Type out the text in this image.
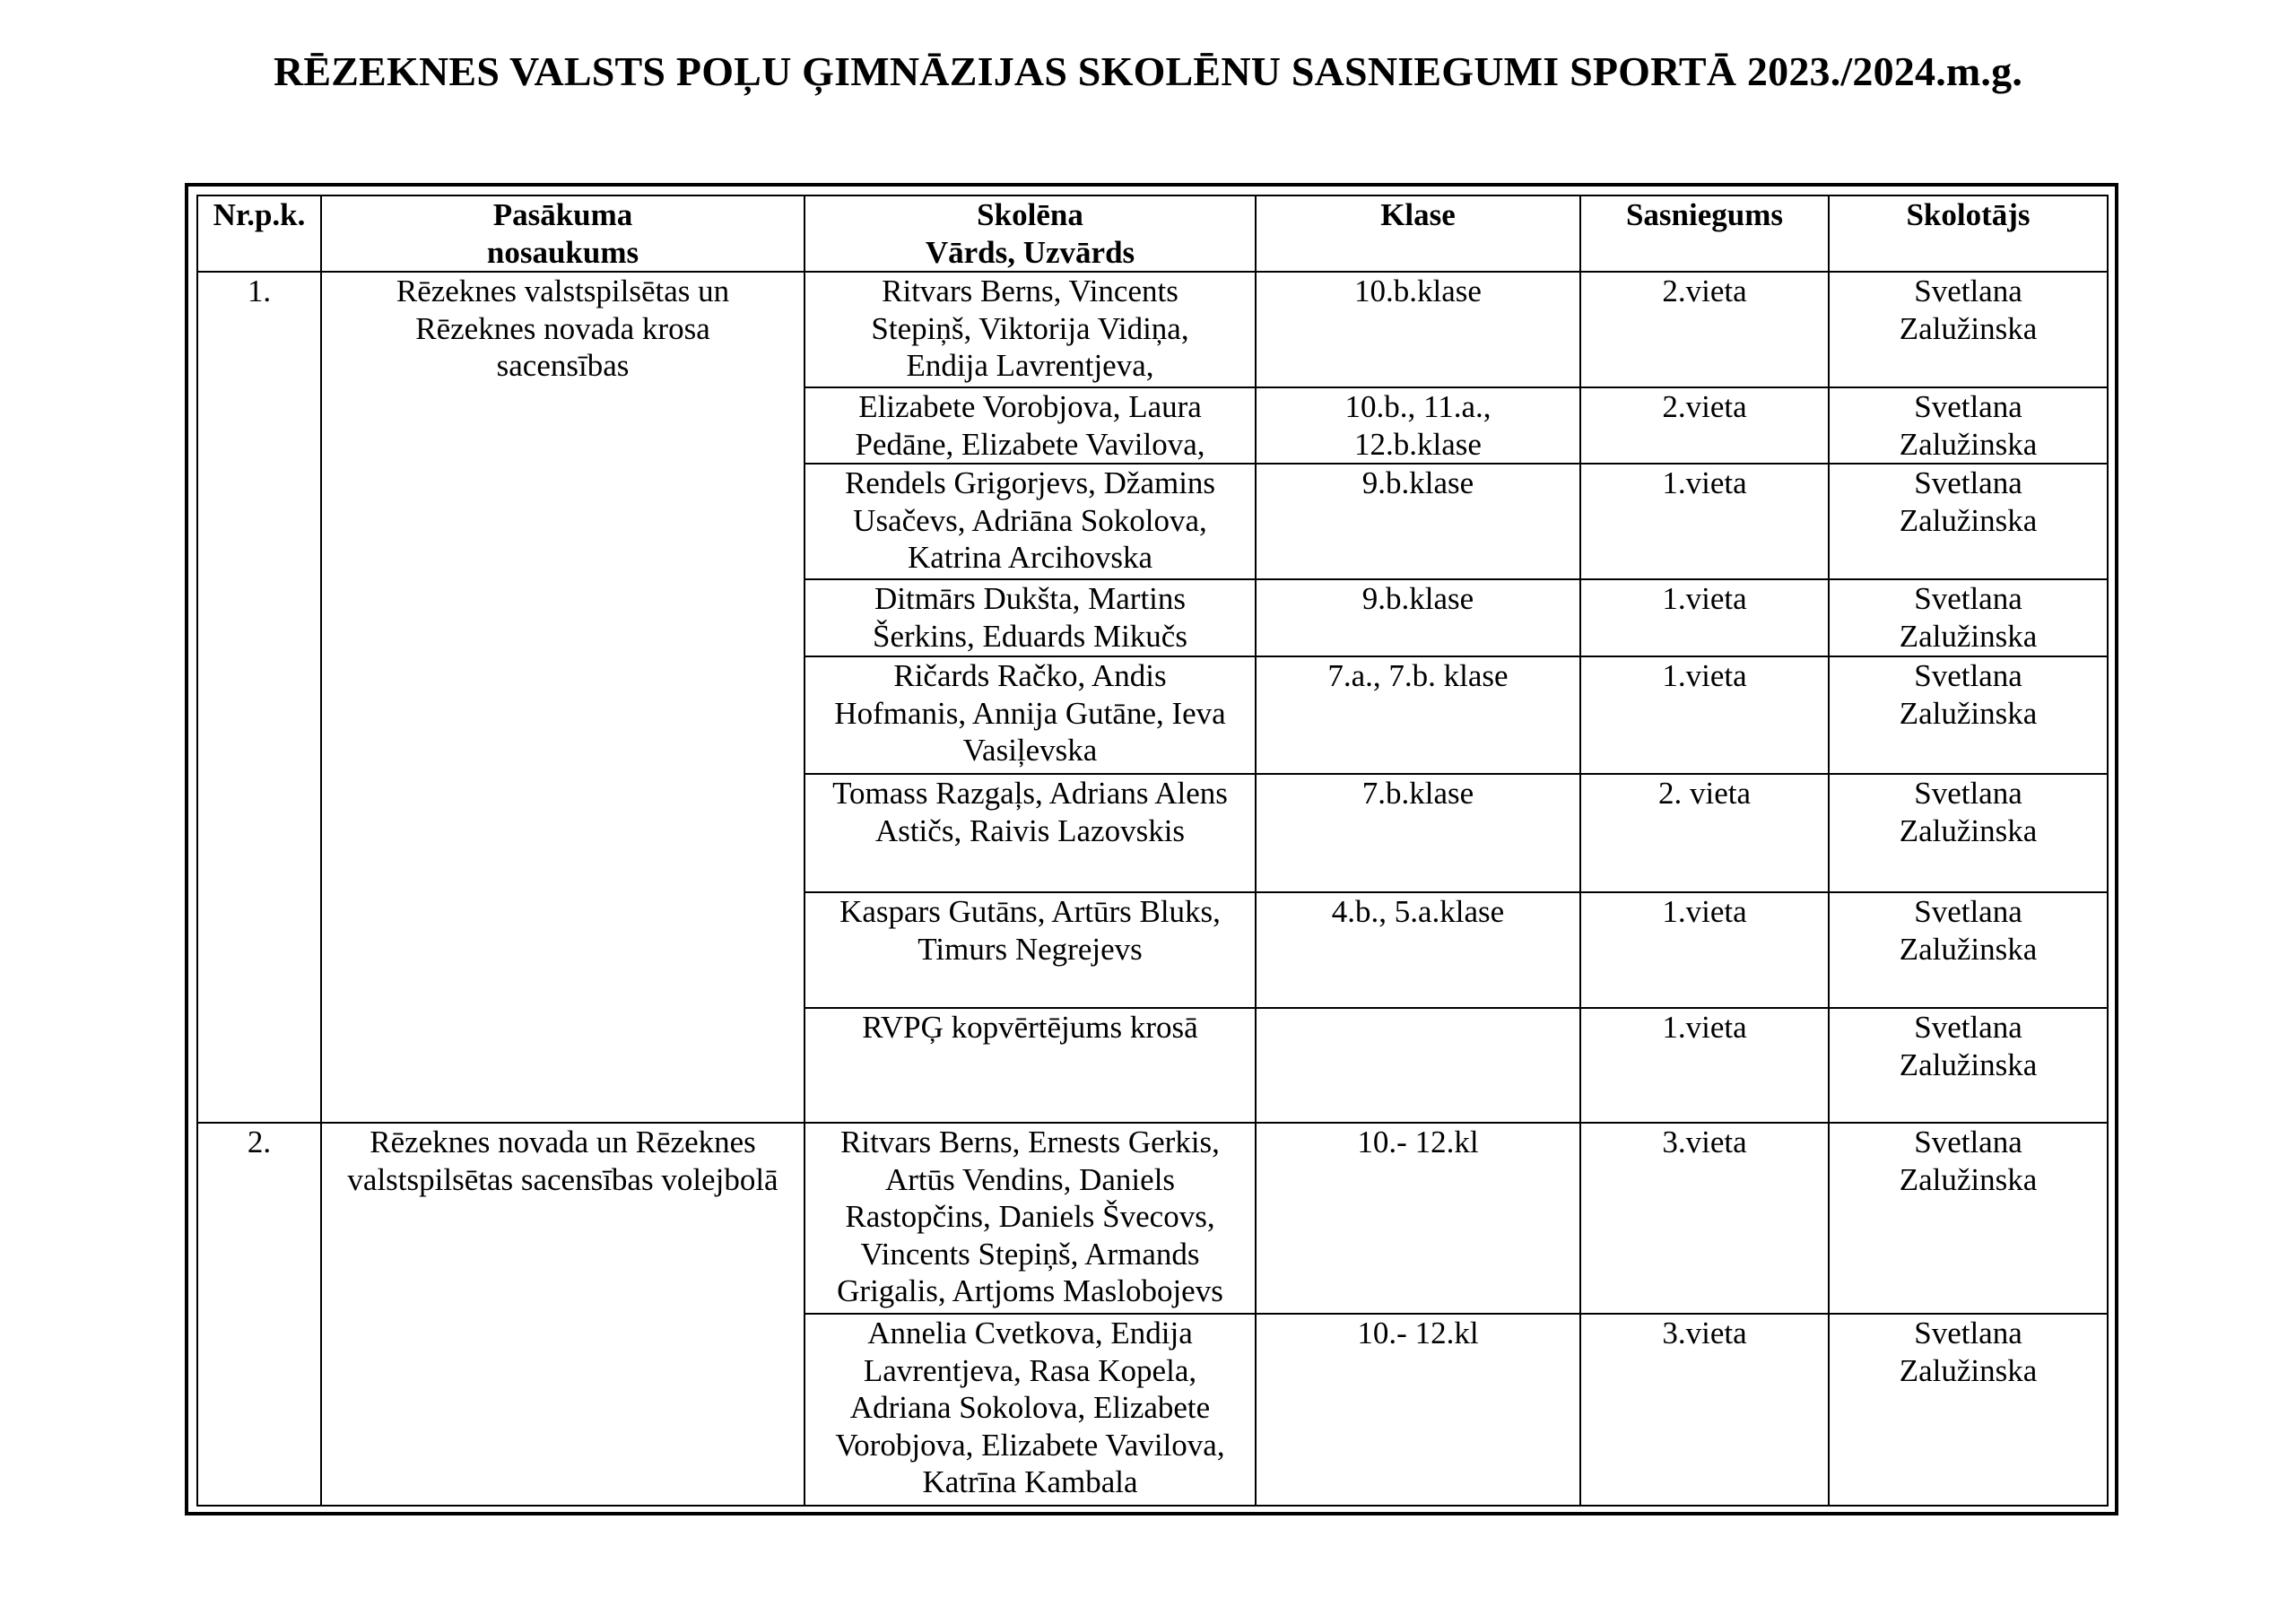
RĒZEKNES VALSTS POĻU ĢIMNĀZIJAS SKOLĒNU SASNIEGUMI SPORTĀ 2023./2024.m.g.
Nr.p.k.	Pasākuma
nosaukums	Skolēna
Vārds, Uzvārds	Klase	Sasniegums	Skolotājs
1.	Rēzeknes valstspilsētas un
Rēzeknes novada krosa
sacensības	Ritvars Berns, Vincents
Stepiņš, Viktorija Vidiņa,
Endija Lavrentjeva,	10.b.klase	2.vieta	Svetlana
Zalužinska
		Elizabete Vorobjova, Laura
Pedāne, Elizabete Vavilova,	10.b., 11.a.,
12.b.klase	2.vieta	Svetlana
Zalužinska
		Rendels Grigorjevs, Džamins
Usačevs, Adriāna Sokolova,
Katrina Arcihovska	9.b.klase	1.vieta	Svetlana
Zalužinska
		Ditmārs Dukšta, Martins
Šerkins, Eduards Mikučs	9.b.klase	1.vieta	Svetlana
Zalužinska
		Ričards Račko, Andis
Hofmanis, Annija Gutāne, Ieva
Vasiļevska	7.a., 7.b. klase	1.vieta	Svetlana
Zalužinska
		Tomass Razgaļs, Adrians Alens
Astičs, Raivis Lazovskis	7.b.klase	2. vieta	Svetlana
Zalužinska
		Kaspars Gutāns, Artūrs Bluks,
Timurs Negrejevs	4.b., 5.a.klase	1.vieta	Svetlana
Zalužinska
		RVPĢ kopvērtējums krosā		1.vieta	Svetlana
Zalužinska
2.	Rēzeknes novada un Rēzeknes
valstspilsētas sacensības volejbolā	Ritvars Berns, Ernests Gerkis,
Artūs Vendins, Daniels
Rastopčins, Daniels Švecovs,
Vincents Stepiņš, Armands
Grigalis, Artjoms Maslobojevs	10.- 12.kl	3.vieta	Svetlana
Zalužinska
		Annelia Cvetkova, Endija
Lavrentjeva, Rasa Kopela,
Adriana Sokolova, Elizabete
Vorobjova, Elizabete Vavilova,
Katrīna Kambala	10.- 12.kl	3.vieta	Svetlana
Zalužinska
